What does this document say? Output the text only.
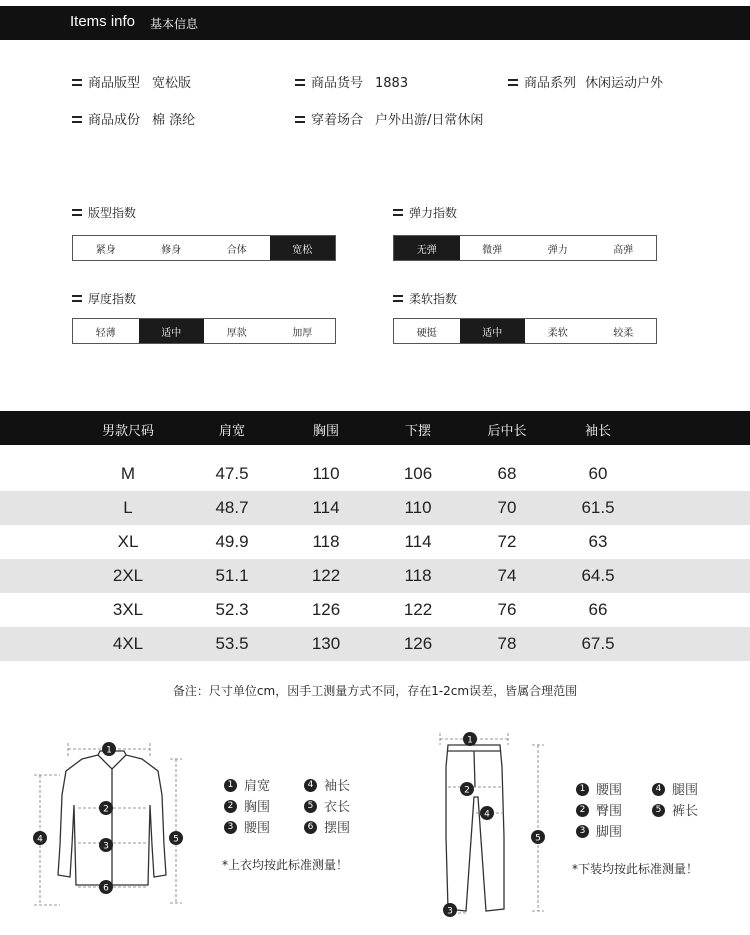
Items info 基本信息
商品版型 宽松版	商品货号 1883	商品系列 休闲运动户外
商品成份 棉 涤纶	穿着场合 户外出游/日常休闲
版型指数
紧身	修身	合体	宽松
弹力指数
无弹	微弹	弹力	高弹
厚度指数
轻薄	适中	厚款	加厚
柔软指数
硬挺	适中	柔软	较柔
男款尺码	肩宽	胸围	下摆	后中长	袖长
M	47.5	110	106	68	60
L	48.7	114	110	70	61.5
XL	49.9	118	114	72	63
2XL	51.1	122	118	74	64.5
3XL	52.3	126	122	76	66
4XL	53.5	130	126	78	67.5
备注：尺寸单位cm，因手工测量方式不同，存在1-2cm误差，皆属合理范围
1
2
3
4	5
6
1 肩宽	4 袖长
2 胸围	5 衣长
3 腰围	6 摆围
*上衣均按此标准测量！
1
2
3
4
5
1 腰围	4 腿围
2 臀围	5 裤长
3 脚围
*下装均按此标准测量！
